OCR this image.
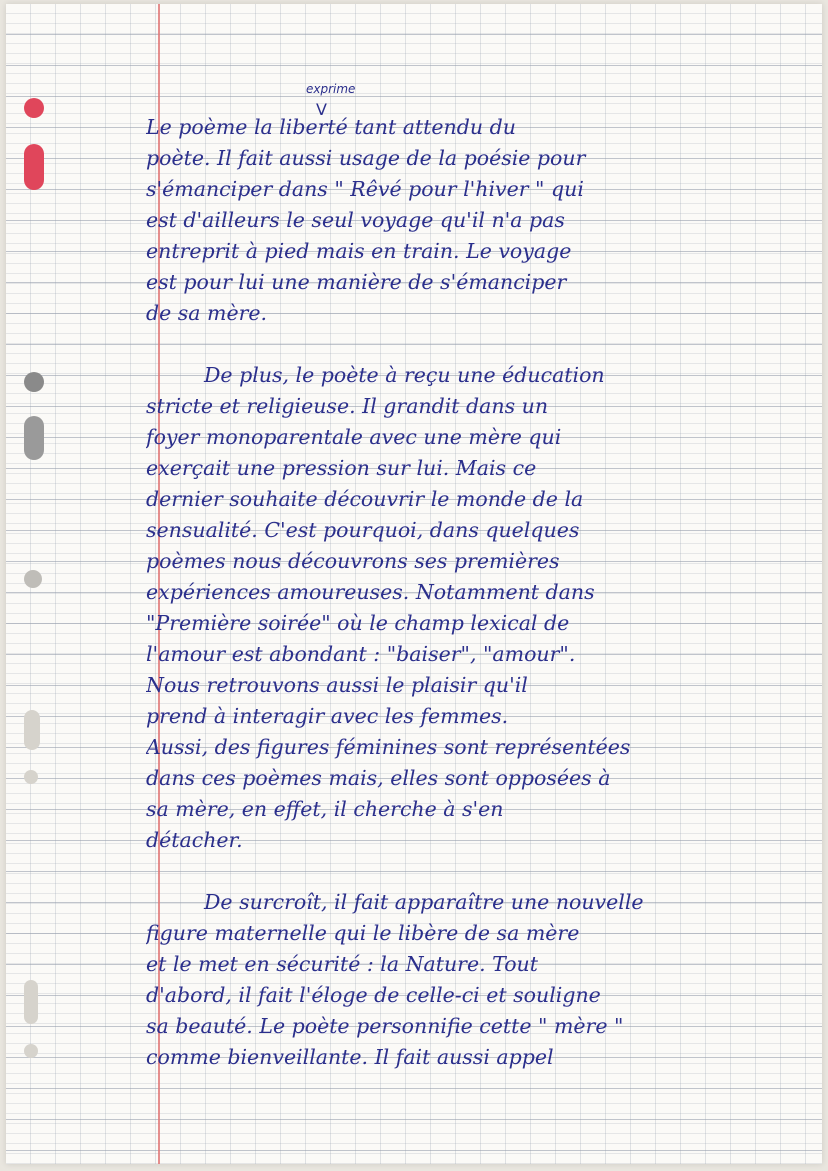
exprime
V
Le poème la liberté tant attendu du
poète. Il fait aussi usage de la poésie pour
s'émanciper dans " Rêvé pour l'hiver " qui
est d'ailleurs le seul voyage qu'il n'a pas
entreprit à pied mais en train. Le voyage
est pour lui une manière de s'émanciper
de sa mère.
De plus, le poète à reçu une éducation
stricte et religieuse. Il grandit dans un
foyer monoparentale avec une mère qui
exerçait une pression sur lui. Mais ce
dernier souhaite découvrir le monde de la
sensualité. C'est pourquoi, dans quelques
poèmes nous découvrons ses premières
expériences amoureuses. Notamment dans
"Première soirée" où le champ lexical de
l'amour est abondant : "baiser", "amour".
Nous retrouvons aussi le plaisir qu'il
prend à interagir avec les femmes.
Aussi, des figures féminines sont représentées
dans ces poèmes mais, elles sont opposées à
sa mère, en effet, il cherche à s'en
détacher.
De surcroît, il fait apparaître une nouvelle
figure maternelle qui le libère de sa mère
et le met en sécurité : la Nature. Tout
d'abord, il fait l'éloge de celle-ci et souligne
sa beauté. Le poète personnifie cette " mère "
comme bienveillante. Il fait aussi appel
